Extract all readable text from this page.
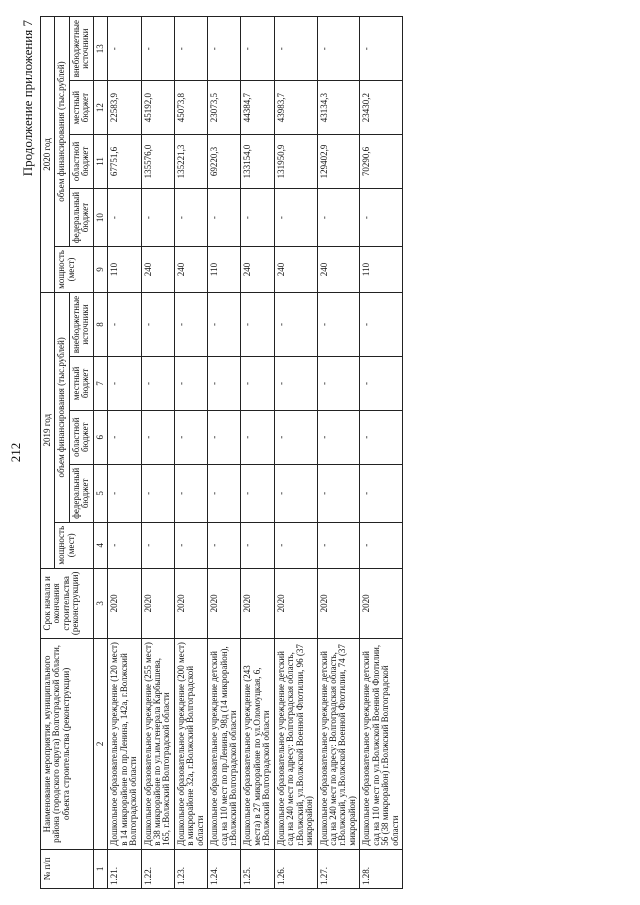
212
Продолжение приложения 7
№ п/п	Наименование мероприятия, муниципального района (городского округа) Волгоградской области, объекта строительства (реконструкции)	Срок начала и окончания строительства (реконструкции)	2019 год					2020 год				
			мощность (мест)	объем финансирования (тыс.рублей)				мощность (мест)	объем финансирования (тыс.рублей)			
				федеральный бюджет	областной бюджет	местный бюджет	внебюджетные источники		федеральный бюджет	областной бюджет	местный бюджет	внебюджетные источники
1	2	3	4	5	6	7	8	9	10	11	12	13
1.21.	Дошкольное образовательное учреждение (120 мест) в 14 микрорайоне по пр.Ленина, 142а, г.Волжский Волгоградской области	2020	-	-	-	-	-	110	-	67751,6	22583,9	-
1.22.	Дошкольное образовательное учреждение (255 мест) в 38 микрорайоне по ул.им.генерала Карбышева, 165, г.Волжский Волгоградской области	2020	-	-	-	-	-	240	-	135576,0	45192,0	-
1.23.	Дошкольное образовательное учреждение (200 мест) в микрорайоне 32а, г.Волжский Волгоградской области	2020	-	-	-	-	-	240	-	135221,3	45073,8	-
1.24.	Дошкольное образовательное учреждение детский сад на 110 мест по пр.Ленина, 98д (14 микрорайон), г.Волжский Волгоградской области	2020	-	-	-	-	-	110	-	69220,3	23073,5	-
1.25.	Дошкольное образовательное учреждение (243 места) в 27 микрорайоне по ул.Оломоуцкая, 6, г.Волжский Волгоградской области	2020	-	-	-	-	-	240	-	133154,0	44384,7	-
1.26.	Дошкольное образовательное учреждение детский сад на 240 мест по адресу: Волгоградская область, г.Волжский, ул.Волжской Военной Флотилии, 96 (37 микрорайон)	2020	-	-	-	-	-	240	-	131950,9	43983,7	-
1.27.	Дошкольное образовательное учреждение детский сад на 240 мест по адресу: Волгоградская область, г.Волжский, ул.Волжской Военной Флотилии, 74 (37 микрорайон)	2020	-	-	-	-	-	240	-	129402,9	43134,3	-
1.28.	Дошкольное образовательное учреждение детский сад на 110 мест по ул.Волжской Военной Флотилии, 56 (38 микрорайон) г.Волжский Волгоградской области	2020	-	-	-	-	-	110	-	70290,6	23430,2	-
